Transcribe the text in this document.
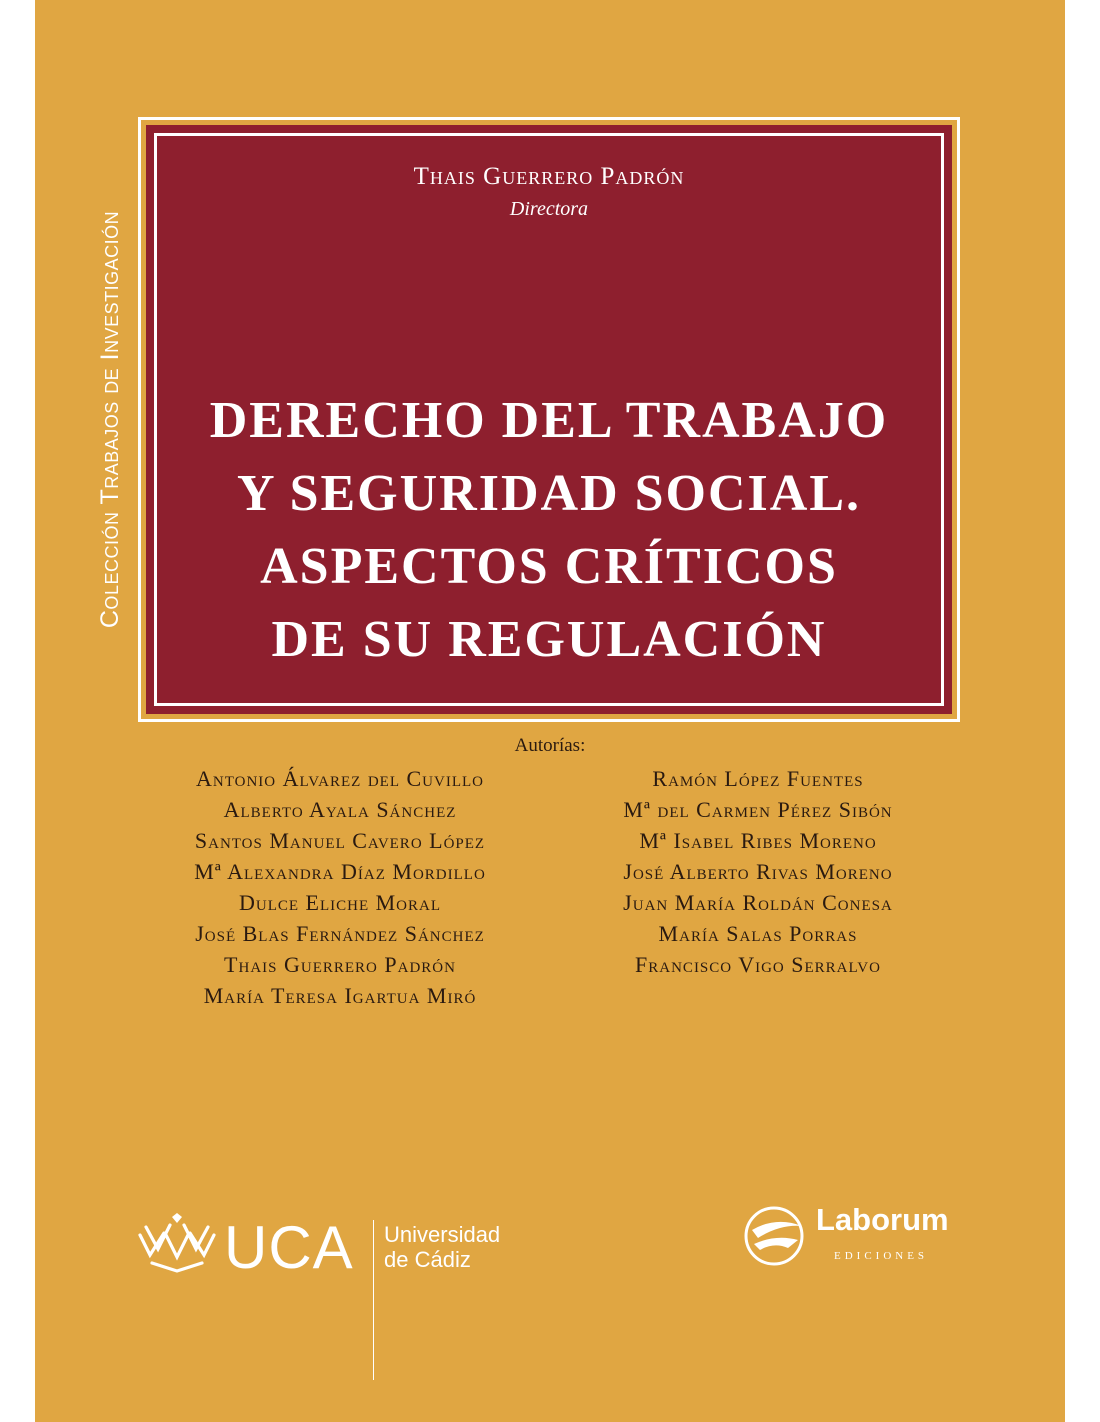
Colección Trabajos de Investigación
Thais Guerrero Padrón
Directora
DERECHO DEL TRABAJO
Y SEGURIDAD SOCIAL.
ASPECTOS CRÍTICOS
DE SU REGULACIÓN
Autorías:
Antonio Álvarez del Cuvillo
Alberto Ayala Sánchez
Santos Manuel Cavero López
Mª Alexandra Díaz Mordillo
Dulce Eliche Moral
José Blas Fernández Sánchez
Thais Guerrero Padrón
María Teresa Igartua Miró
Ramón López Fuentes
Mª del Carmen Pérez Sibón
Mª Isabel Ribes Moreno
José Alberto Rivas Moreno
Juan María Roldán Conesa
María Salas Porras
Francisco Vigo Serralvo
UCA Universidad
de Cádiz
Laborum
EDICIONES
